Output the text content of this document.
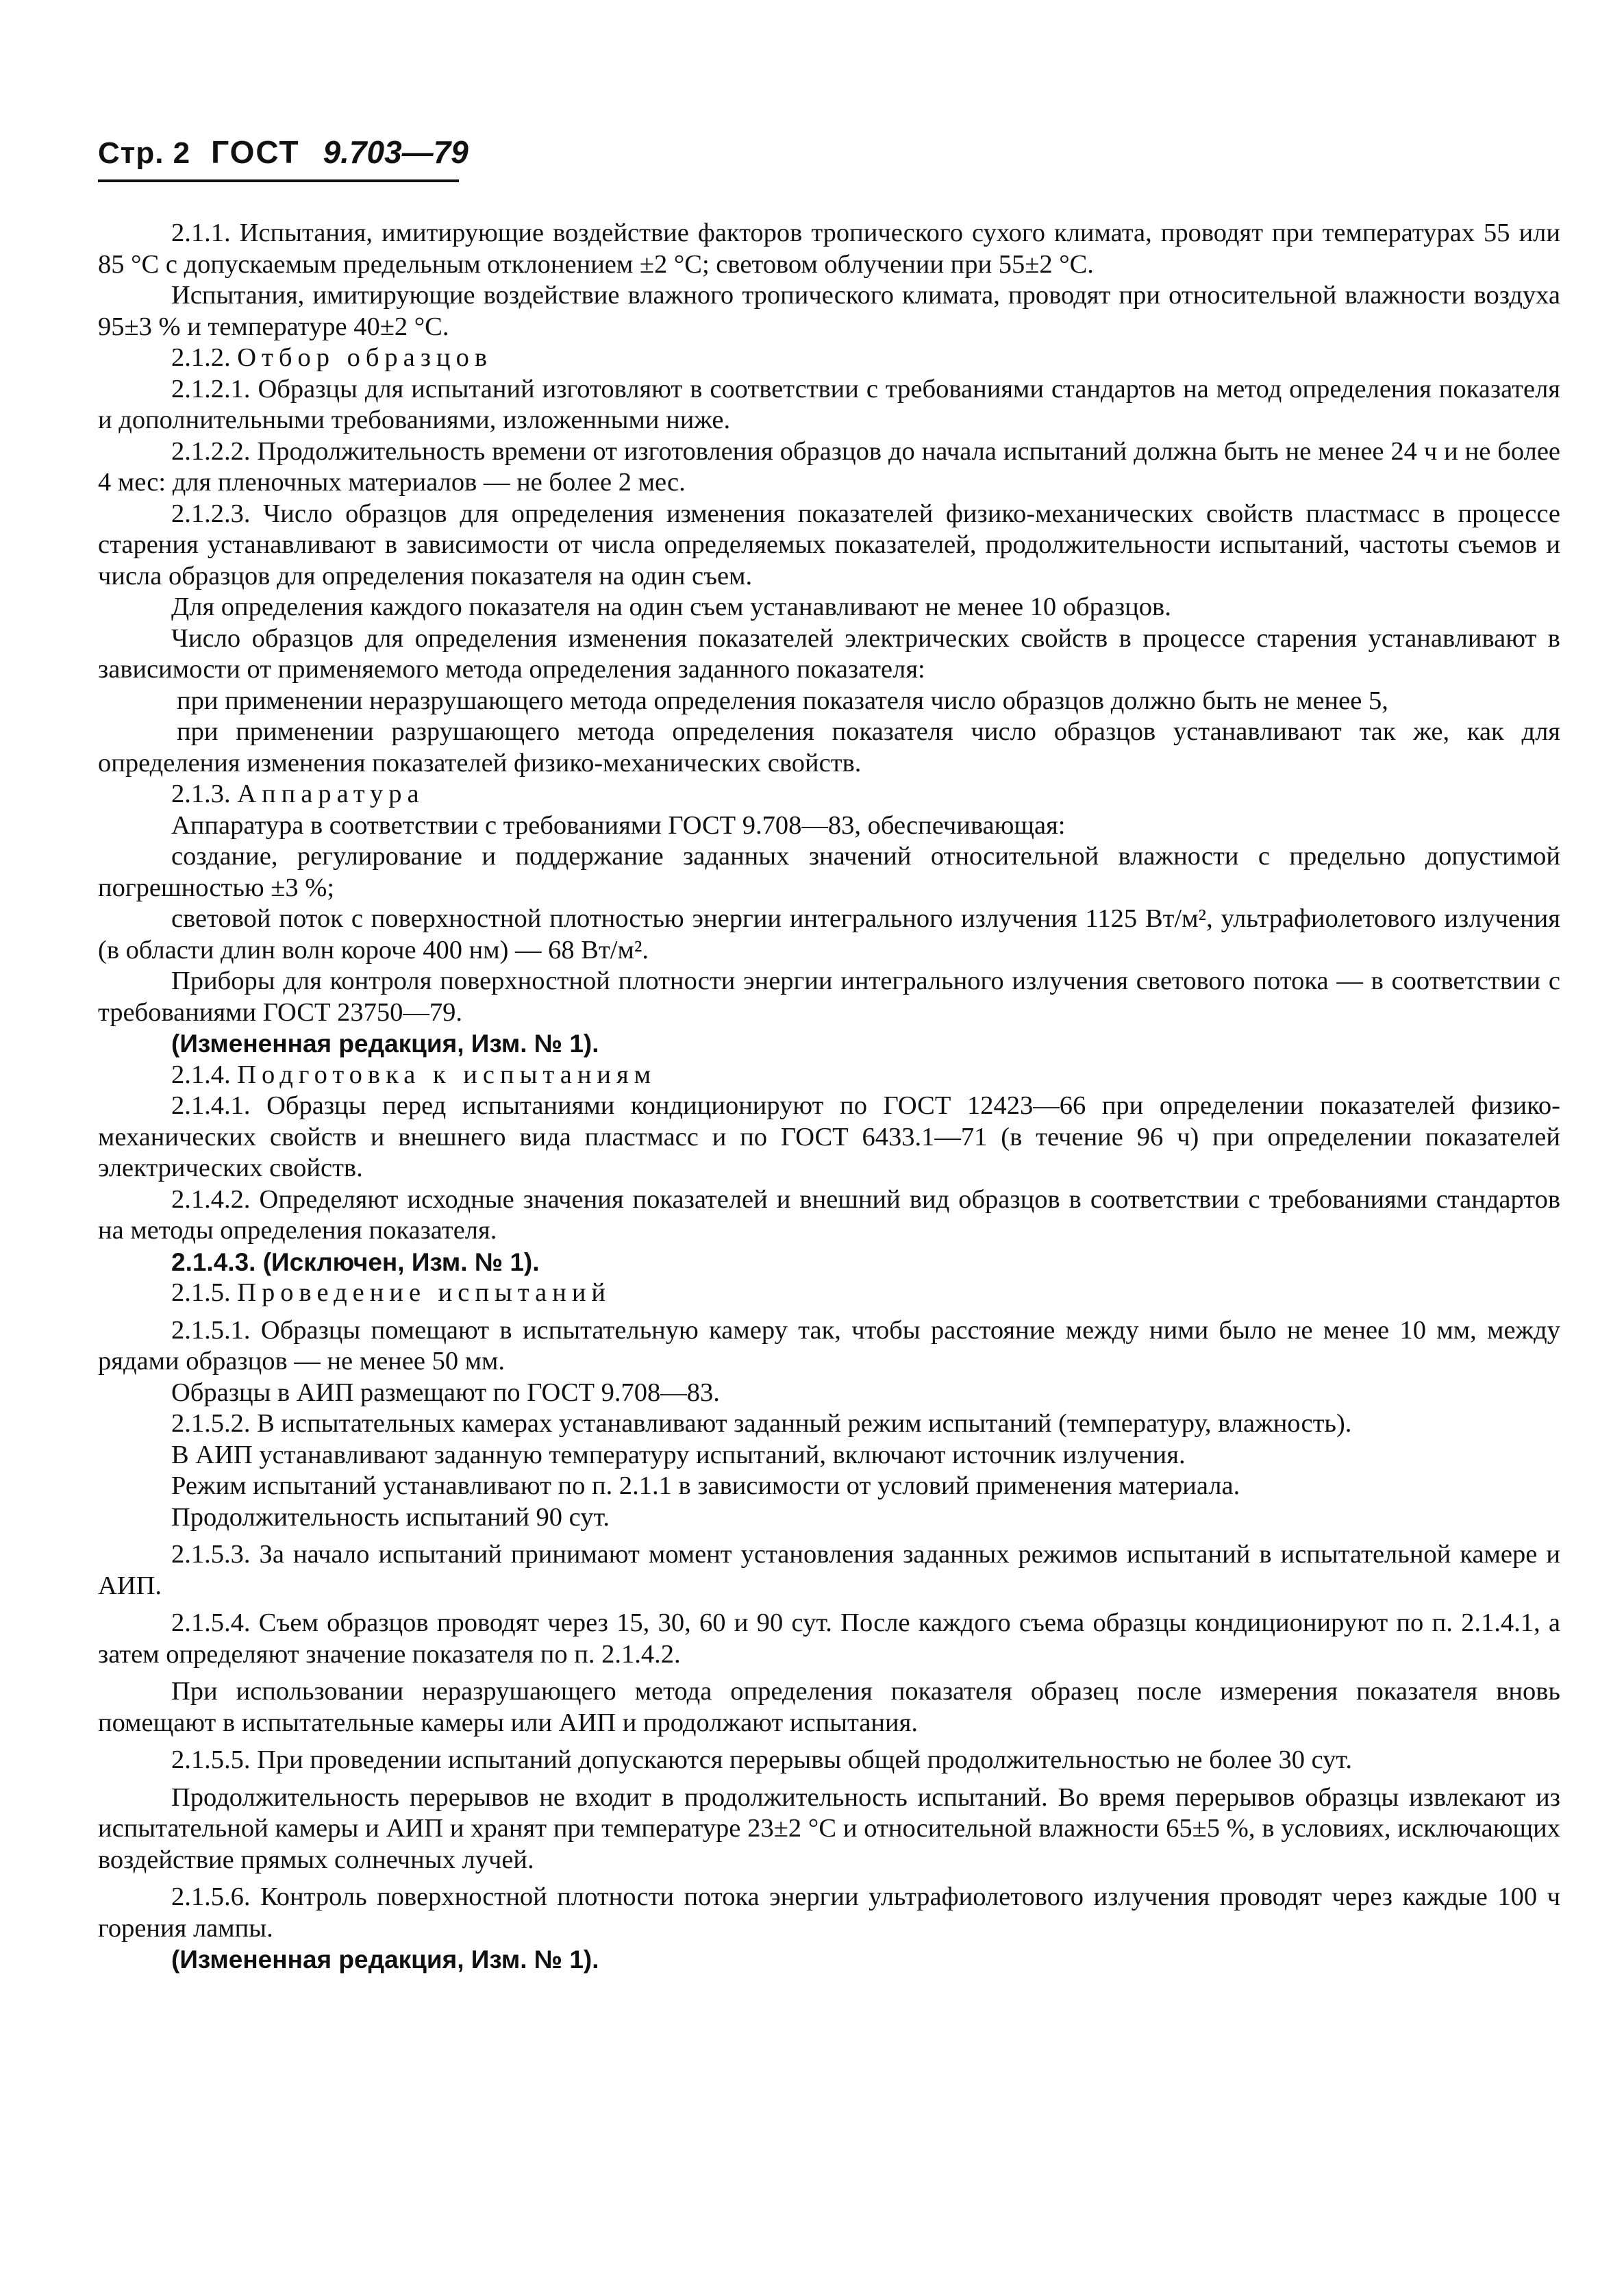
Стр. 2 ГОСТ 9.703—79

2.1.1. Испытания, имитирующие воздействие факторов тропического сухого климата, проводят при температурах 55 или 85 °С с допускаемым предельным отклонением ±2 °С; световом облучении при 55±2 °С.

Испытания, имитирующие воздействие влажного тропического климата, проводят при относительной влажности воздуха 95±3 % и температуре 40±2 °С.

2.1.2. Отбор образцов

2.1.2.1. Образцы для испытаний изготовляют в соответствии с требованиями стандартов на метод определения показателя и дополнительными требованиями, изложенными ниже.

2.1.2.2. Продолжительность времени от изготовления образцов до начала испытаний должна быть не менее 24 ч и не более 4 мес: для пленочных материалов — не более 2 мес.

2.1.2.3. Число образцов для определения изменения показателей физико-механических свойств пластмасс в процессе старения устанавливают в зависимости от числа определяемых показателей, продолжительности испытаний, частоты съемов и числа образцов для определения показателя на один съем.

Для определения каждого показателя на один съем устанавливают не менее 10 образцов.

Число образцов для определения изменения показателей электрических свойств в процессе старения устанавливают в зависимости от применяемого метода определения заданного показателя:

при применении неразрушающего метода определения показателя число образцов должно быть не менее 5,

при применении разрушающего метода определения показателя число образцов устанавливают так же, как для определения изменения показателей физико-механических свойств.

2.1.3. Аппаратура

Аппаратура в соответствии с требованиями ГОСТ 9.708—83, обеспечивающая:

создание, регулирование и поддержание заданных значений относительной влажности с предельно допустимой погрешностью ±3 %;

световой поток с поверхностной плотностью энергии интегрального излучения 1125 Вт/м², ультрафиолетового излучения (в области длин волн короче 400 нм) — 68 Вт/м².

Приборы для контроля поверхностной плотности энергии интегрального излучения светового потока — в соответствии с требованиями ГОСТ 23750—79.

(Измененная редакция, Изм. № 1).

2.1.4. Подготовка к испытаниям

2.1.4.1. Образцы перед испытаниями кондиционируют по ГОСТ 12423—66 при определении показателей физико-механических свойств и внешнего вида пластмасс и по ГОСТ 6433.1—71 (в течение 96 ч) при определении показателей электрических свойств.

2.1.4.2. Определяют исходные значения показателей и внешний вид образцов в соответствии с требованиями стандартов на методы определения показателя.

2.1.4.3. (Исключен, Изм. № 1).

2.1.5. Проведение испытаний

2.1.5.1. Образцы помещают в испытательную камеру так, чтобы расстояние между ними было не менее 10 мм, между рядами образцов — не менее 50 мм.

Образцы в АИП размещают по ГОСТ 9.708—83.

2.1.5.2. В испытательных камерах устанавливают заданный режим испытаний (температуру, влажность).

В АИП устанавливают заданную температуру испытаний, включают источник излучения.

Режим испытаний устанавливают по п. 2.1.1 в зависимости от условий применения материала.

Продолжительность испытаний 90 сут.

2.1.5.3. За начало испытаний принимают момент установления заданных режимов испытаний в испытательной камере и АИП.

2.1.5.4. Съем образцов проводят через 15, 30, 60 и 90 сут. После каждого съема образцы кондиционируют по п. 2.1.4.1, а затем определяют значение показателя по п. 2.1.4.2.

При использовании неразрушающего метода определения показателя образец после измерения показателя вновь помещают в испытательные камеры или АИП и продолжают испытания.

2.1.5.5. При проведении испытаний допускаются перерывы общей продолжительностью не более 30 сут.

Продолжительность перерывов не входит в продолжительность испытаний. Во время перерывов образцы извлекают из испытательной камеры и АИП и хранят при температуре 23±2 °С и относительной влажности 65±5 %, в условиях, исключающих воздействие прямых солнечных лучей.

2.1.5.6. Контроль поверхностной плотности потока энергии ультрафиолетового излучения проводят через каждые 100 ч горения лампы.

(Измененная редакция, Изм. № 1).
